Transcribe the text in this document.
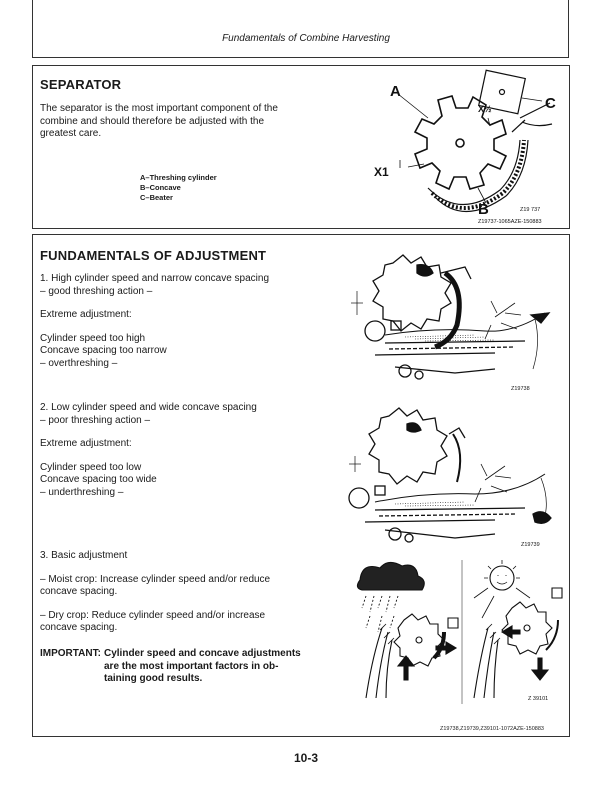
Fundamentals of Combine Harvesting
SEPARATOR
The separator is the most important component of the
combine and should therefore be adjusted with the
greatest care.
A–Threshing cylinder
B–Concave
C–Beater
A
C
X½
X1
B	Z19 737
Z19737-1065AZE-150883
FUNDAMENTALS OF ADJUSTMENT
1. High cylinder speed and narrow concave spacing
– good threshing action –
Extreme adjustment:
Cylinder speed too high
Concave spacing too narrow
– overthreshing –
Z19738
2. Low cylinder speed and wide concave spacing
– poor threshing action –
Extreme adjustment:
Cylinder speed too low
Concave spacing too wide
– underthreshing –
Z19739
3. Basic adjustment
– Moist crop: Increase cylinder speed and/or reduce
concave spacing.
– Dry crop: Reduce cylinder speed and/or increase
concave spacing.
IMPORTANT: Cylinder speed and concave adjustments
are the most important factors in ob-
taining good results.
Z 39101
Z19738,Z19739,Z39101-1072AZE-150883
10-3
